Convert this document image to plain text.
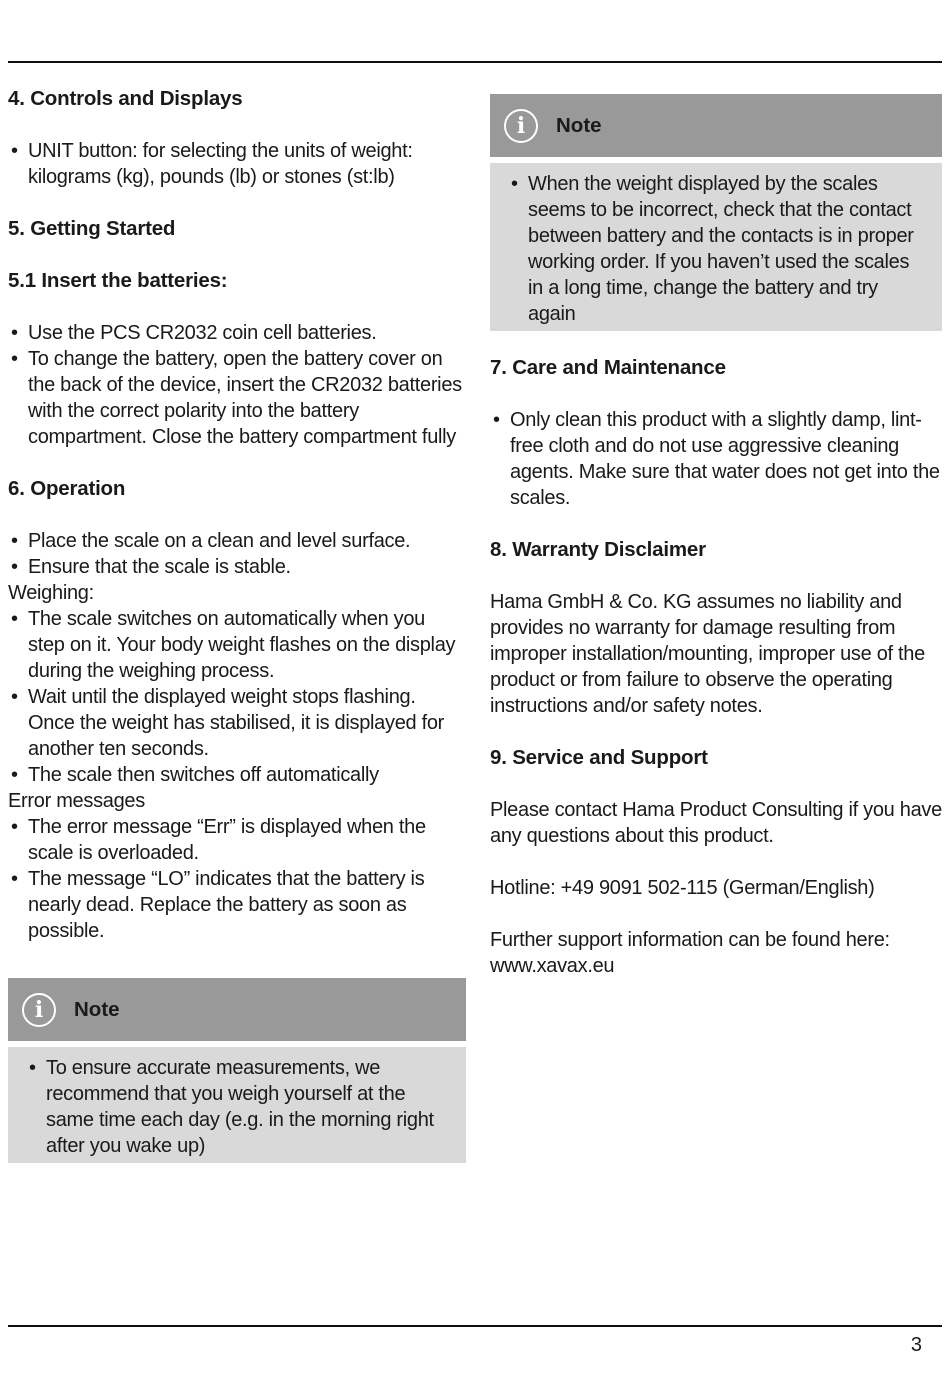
4. Controls and Displays
• UNIT button: for selecting the units of weight: kilograms (kg), pounds (lb) or stones (st:lb)
5. Getting Started
5.1 Insert the batteries:
• Use the PCS CR2032 coin cell batteries.
• To change the battery, open the battery cover on the back of the device, insert the CR2032 batteries with the correct polarity into the battery compartment. Close the battery compartment fully
6. Operation
• Place the scale on a clean and level surface.
• Ensure that the scale is stable.

Weighing:

• The scale switches on automatically when you step on it. Your body weight flashes on the display during the weighing process.
• Wait until the displayed weight stops flashing. Once the weight has stabilised, it is displayed for another ten seconds.
• The scale then switches off automatically

Error messages

• The error message “Err” is displayed when the scale is overloaded.
• The message “LO” indicates that the battery is nearly dead. Replace the battery as soon as possible.
i	Note
• To ensure accurate measurements, we recommend that you weigh yourself at the same time each day (e.g. in the morning right after you wake up)
i	Note
• When the weight displayed by the scales seems to be incorrect, check that the contact between battery and the contacts is in proper working order. If you haven’t used the scales in a long time, change the battery and try again
7. Care and Maintenance
• Only clean this product with a slightly damp, lint-free cloth and do not use aggressive cleaning agents. Make sure that water does not get into the scales.
8. Warranty Disclaimer

Hama GmbH & Co. KG assumes no liability and provides no warranty for damage resulting from improper installation/mounting, improper use of the product or from failure to observe the operating instructions and/or safety notes.

9. Service and Support

Please contact Hama Product Consulting if you have any questions about this product.

Hotline: +49 9091 502-115 (German/English)

Further support information can be found here:

www.xavax.eu

3
